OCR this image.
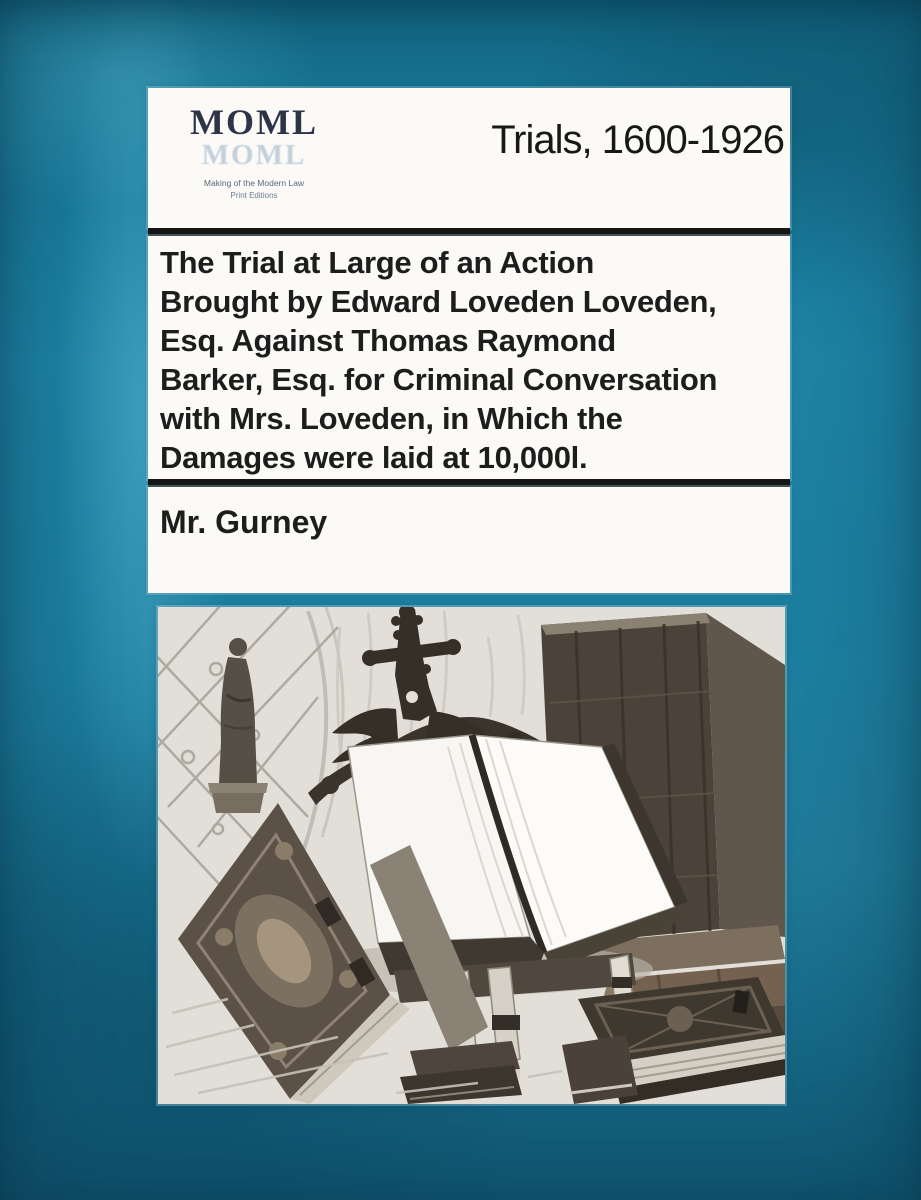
MOML
MOML
Making of the Modern Law
Print Editions
Trials, 1600-1926
The Trial at Large of an Action
Brought by Edward Loveden Loveden,
Esq. Against Thomas Raymond
Barker, Esq. for Criminal Conversation
with Mrs. Loveden, in Which the
Damages were laid at 10,000l.
Mr. Gurney
